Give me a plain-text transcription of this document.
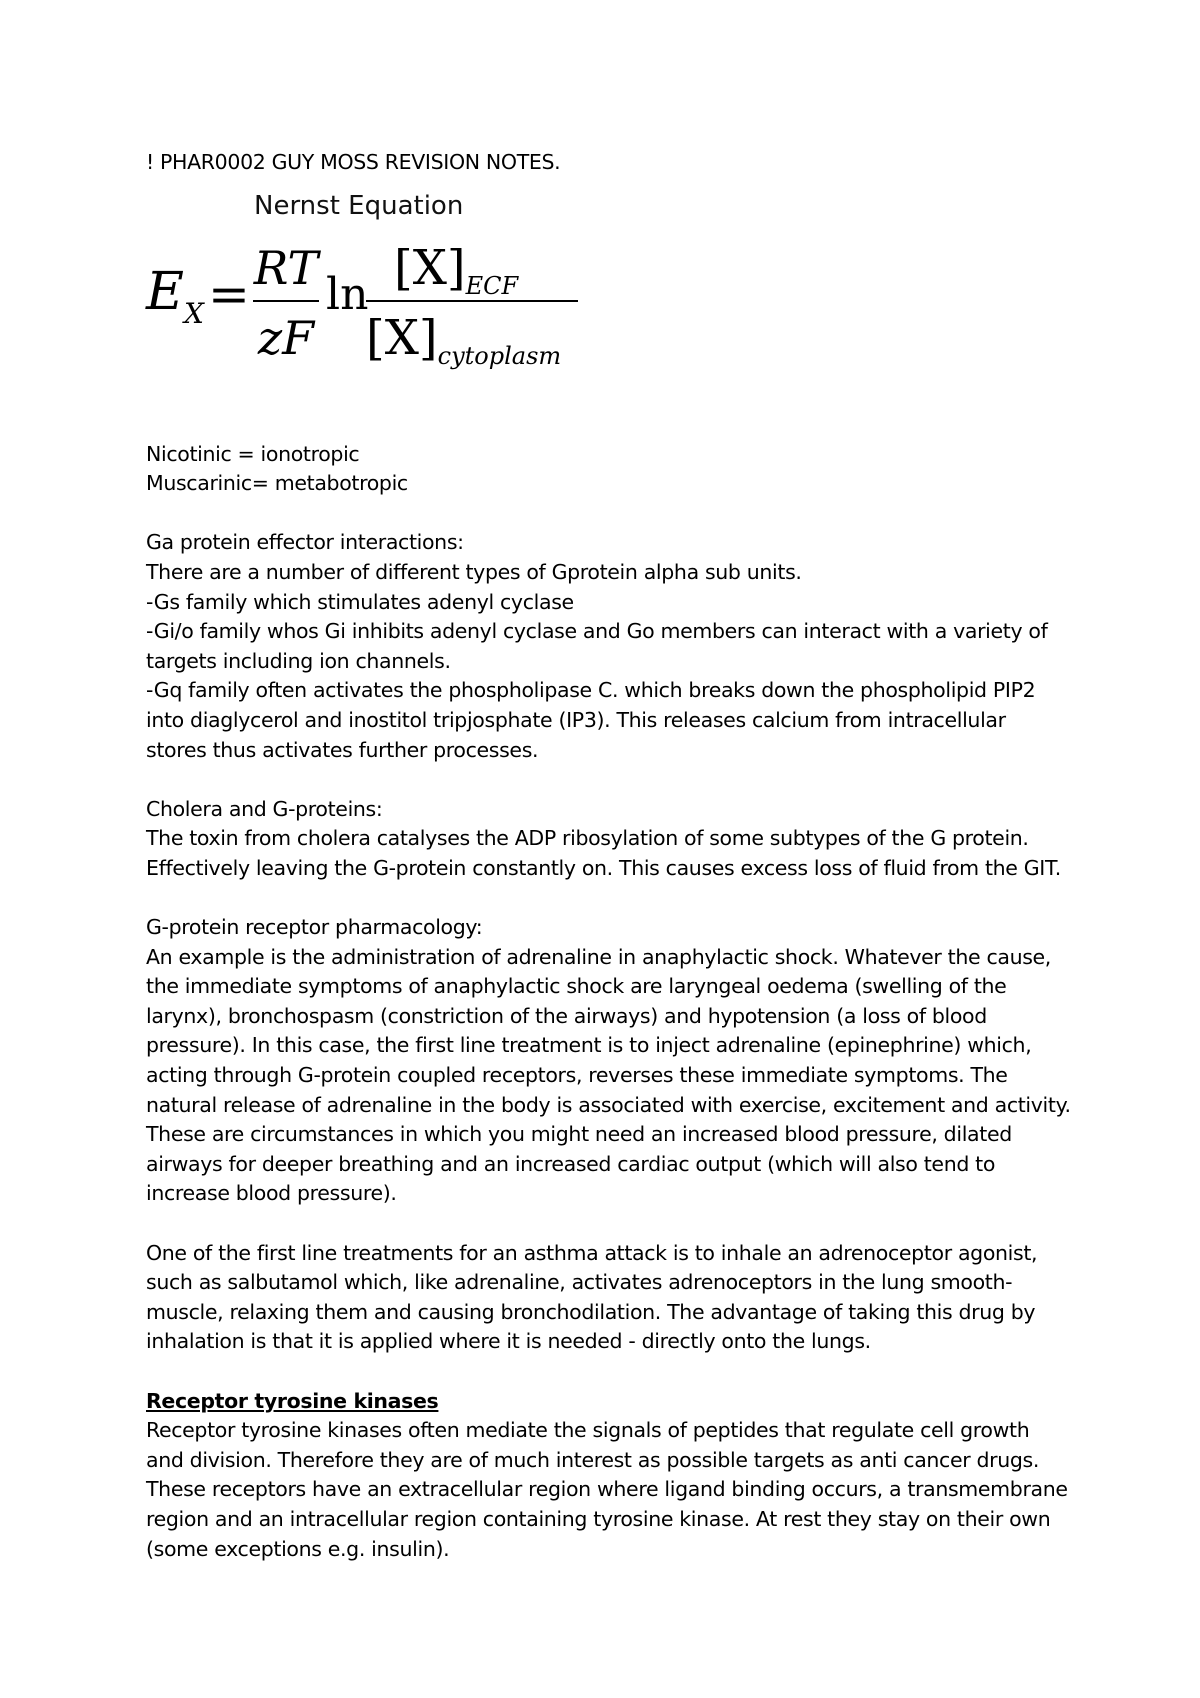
! PHAR0002 GUY MOSS REVISION NOTES.

Nernst Equation
$E_X$ = RT
zF
$\ln [X]_{ECF}$
$[X]_{cytoplasm}$

Nicotinic = ionotropic

Muscarinic= metabotropic

Ga protein effector interactions:

There are a number of different types of Gprotein alpha sub units.

-Gs family which stimulates adenyl cyclase

-Gi/o family whos Gi inhibits adenyl cyclase and Go members can interact with a variety of

targets including ion channels.

-Gq family often activates the phospholipase C. which breaks down the phospholipid PIP2

into diaglycerol and inostitol tripjosphate (IP3). This releases calcium from intracellular

stores thus activates further processes.

Cholera and G-proteins:

The toxin from cholera catalyses the ADP ribosylation of some subtypes of the G protein.

Effectively leaving the G-protein constantly on. This causes excess loss of fluid from the GIT.

G-protein receptor pharmacology:

An example is the administration of adrenaline in anaphylactic shock. Whatever the cause,

the immediate symptoms of anaphylactic shock are laryngeal oedema (swelling of the

larynx), bronchospasm (constriction of the airways) and hypotension (a loss of blood

pressure). In this case, the first line treatment is to inject adrenaline (epinephrine) which,

acting through G-protein coupled receptors, reverses these immediate symptoms. The

natural release of adrenaline in the body is associated with exercise, excitement and activity.

These are circumstances in which you might need an increased blood pressure, dilated

airways for deeper breathing and an increased cardiac output (which will also tend to

increase blood pressure).

One of the first line treatments for an asthma attack is to inhale an adrenoceptor agonist,

such as salbutamol which, like adrenaline, activates adrenoceptors in the lung smooth-

muscle, relaxing them and causing bronchodilation. The advantage of taking this drug by

inhalation is that it is applied where it is needed - directly onto the lungs.

Receptor tyrosine kinases

Receptor tyrosine kinases often mediate the signals of peptides that regulate cell growth

and division. Therefore they are of much interest as possible targets as anti cancer drugs.

These receptors have an extracellular region where ligand binding occurs, a transmembrane

region and an intracellular region containing tyrosine kinase. At rest they stay on their own

(some exceptions e.g. insulin).
